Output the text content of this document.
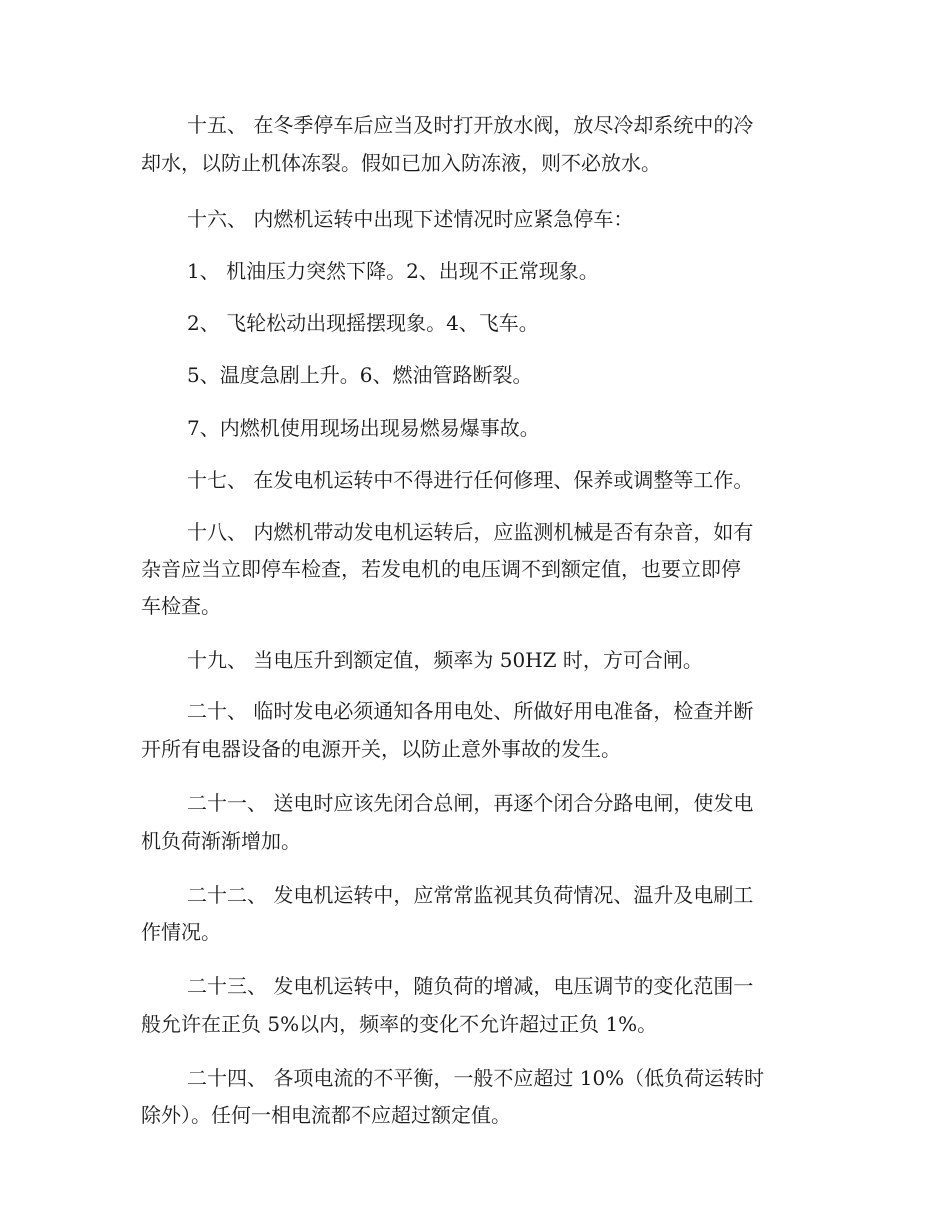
十五、 在冬季停车后应当及时打开放水阀，放尽冷却系统中的冷
却水，以防止机体冻裂。假如已加入防冻液，则不必放水。
十六、 内燃机运转中出现下述情况时应紧急停车：
1、 机油压力突然下降。2、出现不正常现象。
2、 飞轮松动出现摇摆现象。4、飞车。
5、温度急剧上升。6、燃油管路断裂。
7、内燃机使用现场出现易燃易爆事故。
十七、 在发电机运转中不得进行任何修理、保养或调整等工作。
十八、 内燃机带动发电机运转后，应监测机械是否有杂音，如有
杂音应当立即停车检查，若发电机的电压调不到额定值，也要立即停
车检查。
十九、 当电压升到额定值，频率为 50HZ 时，方可合闸。
二十、 临时发电必须通知各用电处、所做好用电准备，检查并断
开所有电器设备的电源开关，以防止意外事故的发生。
二十一、 送电时应该先闭合总闸，再逐个闭合分路电闸，使发电
机负荷渐渐增加。
二十二、 发电机运转中，应常常监视其负荷情况、温升及电刷工
作情况。
二十三、 发电机运转中，随负荷的增减，电压调节的变化范围一
般允许在正负 5%以内，频率的变化不允许超过正负 1%。
二十四、 各项电流的不平衡，一般不应超过 10%（低负荷运转时
除外）。任何一相电流都不应超过额定值。
